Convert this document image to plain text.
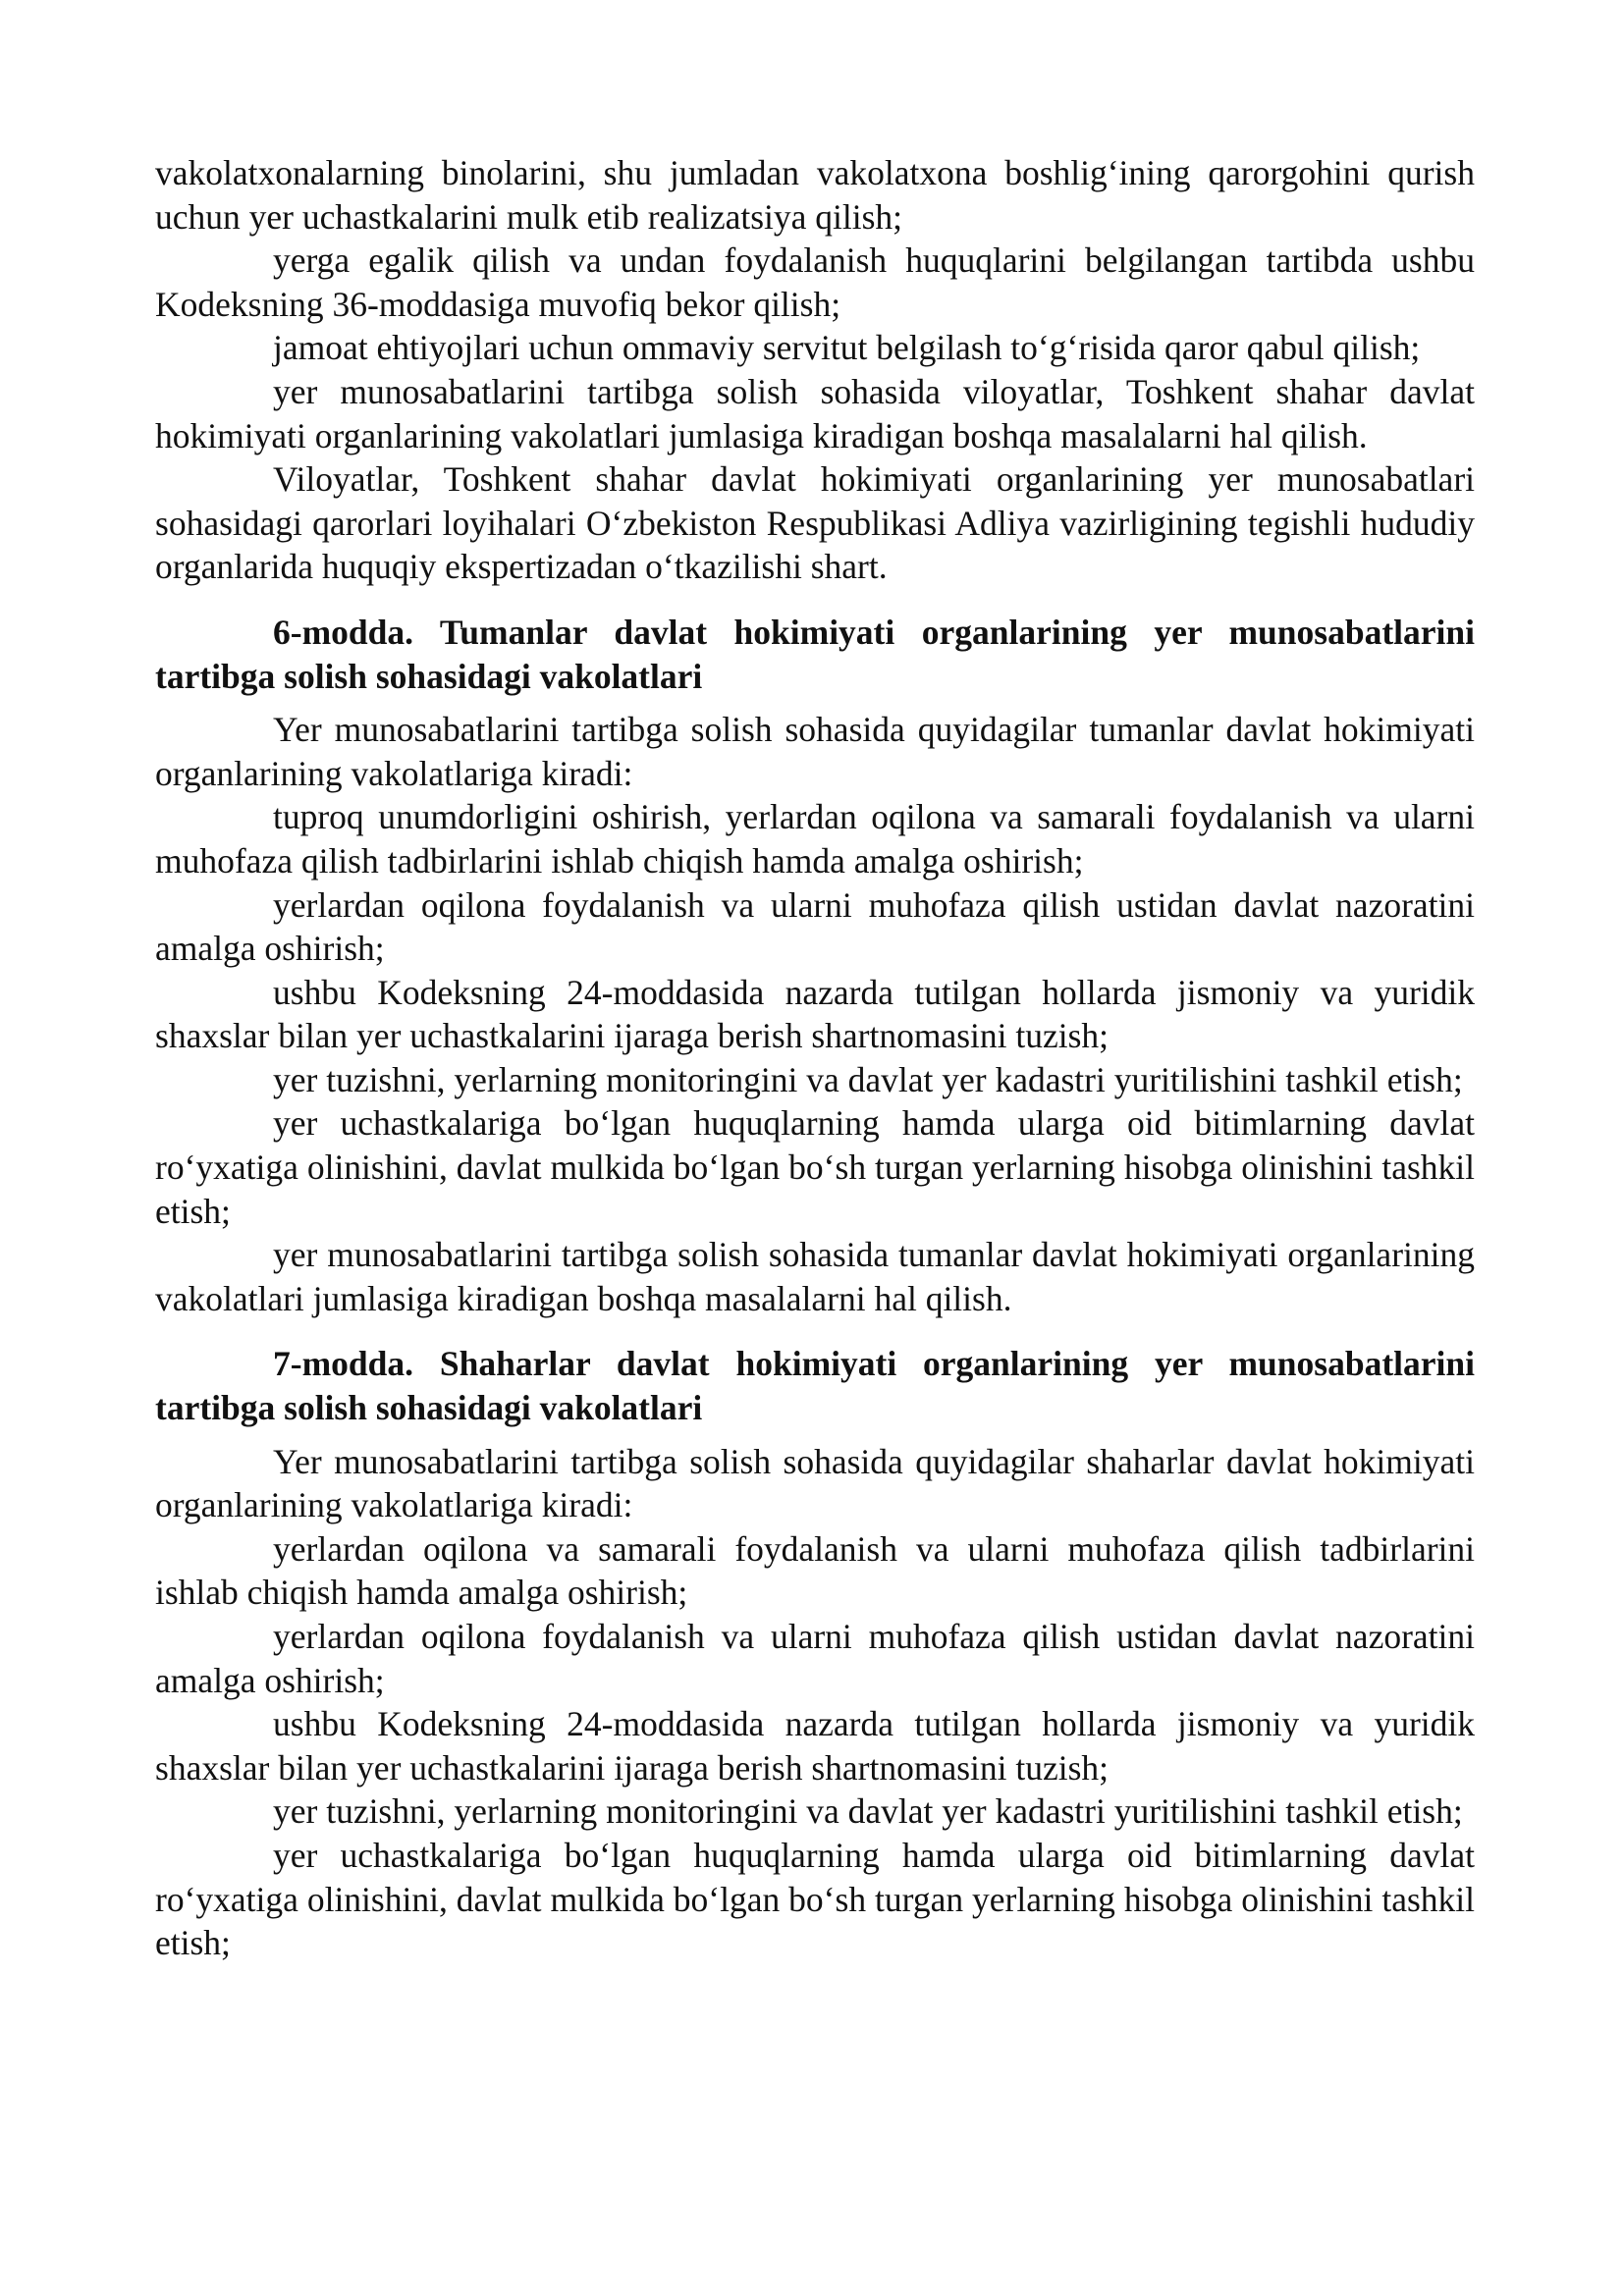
vakolatxonalarning binolarini, shu jumladan vakolatxona boshlig‘ining qarorgohini qurish uchun yer uchastkalarini mulk etib realizatsiya qilish;

yerga egalik qilish va undan foydalanish huquqlarini belgilangan tartibda ushbu Kodeksning 36-moddasiga muvofiq bekor qilish;

jamoat ehtiyojlari uchun ommaviy servitut belgilash to‘g‘risida qaror qabul qilish;

yer munosabatlarini tartibga solish sohasida viloyatlar, Toshkent shahar davlat hokimiyati organlarining vakolatlari jumlasiga kiradigan boshqa masalalarni hal qilish.

Viloyatlar, Toshkent shahar davlat hokimiyati organlarining yer munosabatlari sohasidagi qarorlari loyihalari O‘zbekiston Respublikasi Adliya vazirligining tegishli hududiy organlarida huquqiy ekspertizadan o‘tkazilishi shart.

6-modda. Tumanlar davlat hokimiyati organlarining yer munosabatlarini tartibga solish sohasidagi vakolatlari

Yer munosabatlarini tartibga solish sohasida quyidagilar tumanlar davlat hokimiyati organlarining vakolatlariga kiradi:

tuproq unumdorligini oshirish, yerlardan oqilona va samarali foydalanish va ularni muhofaza qilish tadbirlarini ishlab chiqish hamda amalga oshirish;

yerlardan oqilona foydalanish va ularni muhofaza qilish ustidan davlat nazoratini amalga oshirish;

ushbu Kodeksning 24-moddasida nazarda tutilgan hollarda jismoniy va yuridik shaxslar bilan yer uchastkalarini ijaraga berish shartnomasini tuzish;

yer tuzishni, yerlarning monitoringini va davlat yer kadastri yuritilishini tashkil etish;

yer uchastkalariga bo‘lgan huquqlarning hamda ularga oid bitimlarning davlat ro‘yxatiga olinishini, davlat mulkida bo‘lgan bo‘sh turgan yerlarning hisobga olinishini tashkil etish;

yer munosabatlarini tartibga solish sohasida tumanlar davlat hokimiyati organlarining vakolatlari jumlasiga kiradigan boshqa masalalarni hal qilish.

7-modda. Shaharlar davlat hokimiyati organlarining yer munosabatlarini tartibga solish sohasidagi vakolatlari

Yer munosabatlarini tartibga solish sohasida quyidagilar shaharlar davlat hokimiyati organlarining vakolatlariga kiradi:

yerlardan oqilona va samarali foydalanish va ularni muhofaza qilish tadbirlarini ishlab chiqish hamda amalga oshirish;

yerlardan oqilona foydalanish va ularni muhofaza qilish ustidan davlat nazoratini amalga oshirish;

ushbu Kodeksning 24-moddasida nazarda tutilgan hollarda jismoniy va yuridik shaxslar bilan yer uchastkalarini ijaraga berish shartnomasini tuzish;

yer tuzishni, yerlarning monitoringini va davlat yer kadastri yuritilishini tashkil etish;

yer uchastkalariga bo‘lgan huquqlarning hamda ularga oid bitimlarning davlat ro‘yxatiga olinishini, davlat mulkida bo‘lgan bo‘sh turgan yerlarning hisobga olinishini tashkil etish;
